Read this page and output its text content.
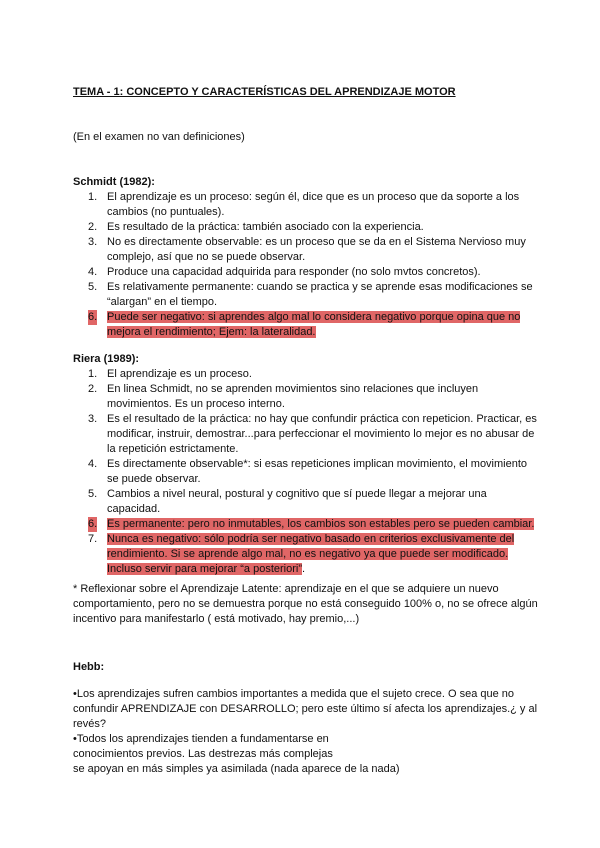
TEMA - 1: CONCEPTO Y CARACTERÍSTICAS DEL APRENDIZAJE MOTOR
(En el examen no van definiciones)
Schmidt (1982):
1. El aprendizaje es un proceso: según él, dice que es un proceso que da soporte a los cambios (no puntuales).
2. Es resultado de la práctica: también asociado con la experiencia.
3. No es directamente observable: es un proceso que se da en el Sistema Nervioso muy complejo, así que no se puede observar.
4. Produce una capacidad adquirida para responder (no solo mvtos concretos).
5. Es relativamente permanente: cuando se practica y se aprende esas modificaciones se “alargan” en el tiempo.
6. Puede ser negativo: si aprendes algo mal lo considera negativo porque opina que no mejora el rendimiento; Ejem: la lateralidad.
Riera (1989):
1. El aprendizaje es un proceso.
2. En linea Schmidt, no se aprenden movimientos sino relaciones que incluyen movimientos. Es un proceso interno.
3. Es el resultado de la práctica: no hay que confundir práctica con repeticion. Practicar, es modificar, instruir, demostrar...para perfeccionar el movimiento lo mejor es no abusar de la repetición estrictamente.
4. Es directamente observable*: si esas repeticiones implican movimiento, el movimiento se puede observar.
5. Cambios a nivel neural, postural y cognitivo que sí puede llegar a mejorar una capacidad.
6. Es permanente: pero no inmutables, los cambios son estables pero se pueden cambiar.
7. Nunca es negativo: sólo podría ser negativo basado en criterios exclusivamente del rendimiento. Si se aprende algo mal, no es negativo ya que puede ser modificado. Incluso servir para mejorar “a posteriori”.
* Reflexionar sobre el Aprendizaje Latente: aprendizaje en el que se adquiere un nuevo comportamiento, pero no se demuestra porque no está conseguido 100% o, no se ofrece algún incentivo para manifestarlo ( está motivado, hay premio,...)
Hebb:
•Los aprendizajes sufren cambios importantes a medida que el sujeto crece. O sea que no confundir APRENDIZAJE con DESARROLLO; pero este último sí afecta los aprendizajes.¿ y al revés?
•Todos los aprendizajes tienden a fundamentarse en
conocimientos previos. Las destrezas más complejas
se apoyan en más simples ya asimilada (nada aparece de la nada)
